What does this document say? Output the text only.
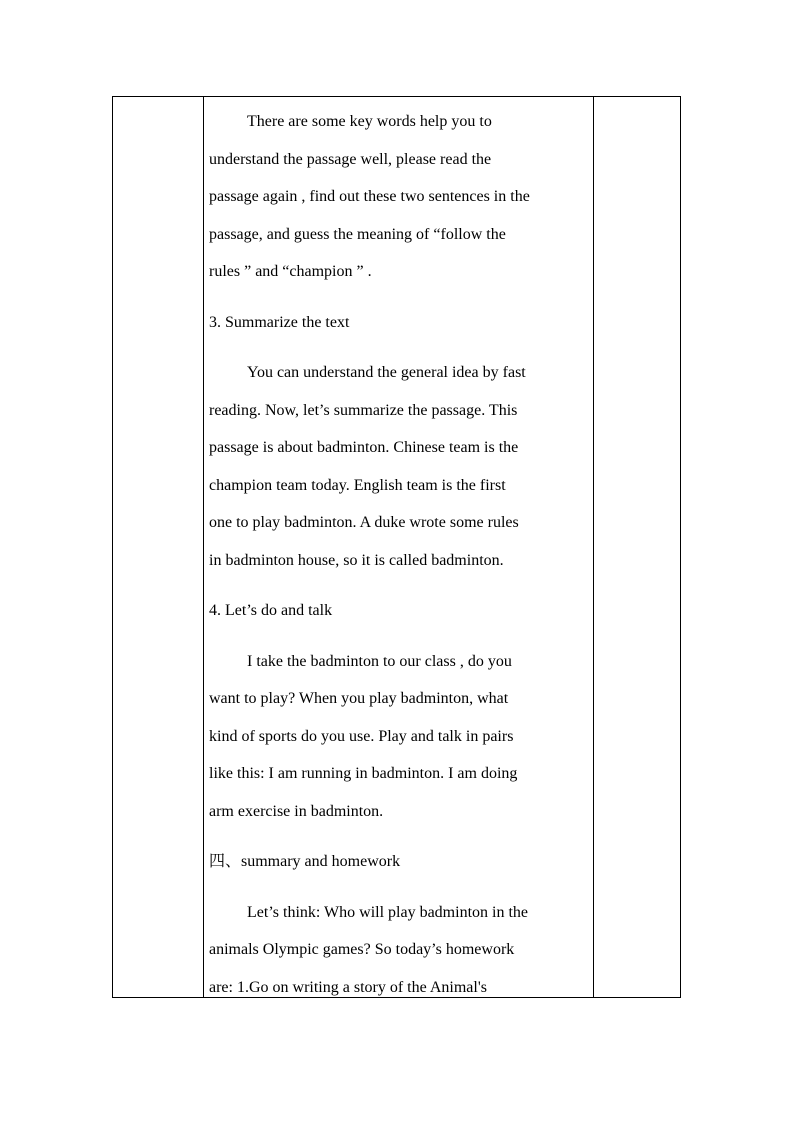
There are some key words help you to

understand the passage well, please read the

passage again , find out these two sentences in the

passage, and guess the meaning of “follow the

rules ” and “champion ” .

3. Summarize the text

You can understand the general idea by fast

reading. Now, let’s summarize the passage. This

passage is about badminton. Chinese team is the

champion team today. English team is the first

one to play badminton. A duke wrote some rules

in badminton house, so it is called badminton.

4. Let’s do and talk

I take the badminton to our class , do you

want to play? When you play badminton, what

kind of sports do you use. Play and talk in pairs

like this: I am running in badminton. I am doing

arm exercise in badminton.

四、summary and homework

Let’s think: Who will play badminton in the

animals Olympic games? So today’s homework

are: 1.Go on writing a story of the Animal's
